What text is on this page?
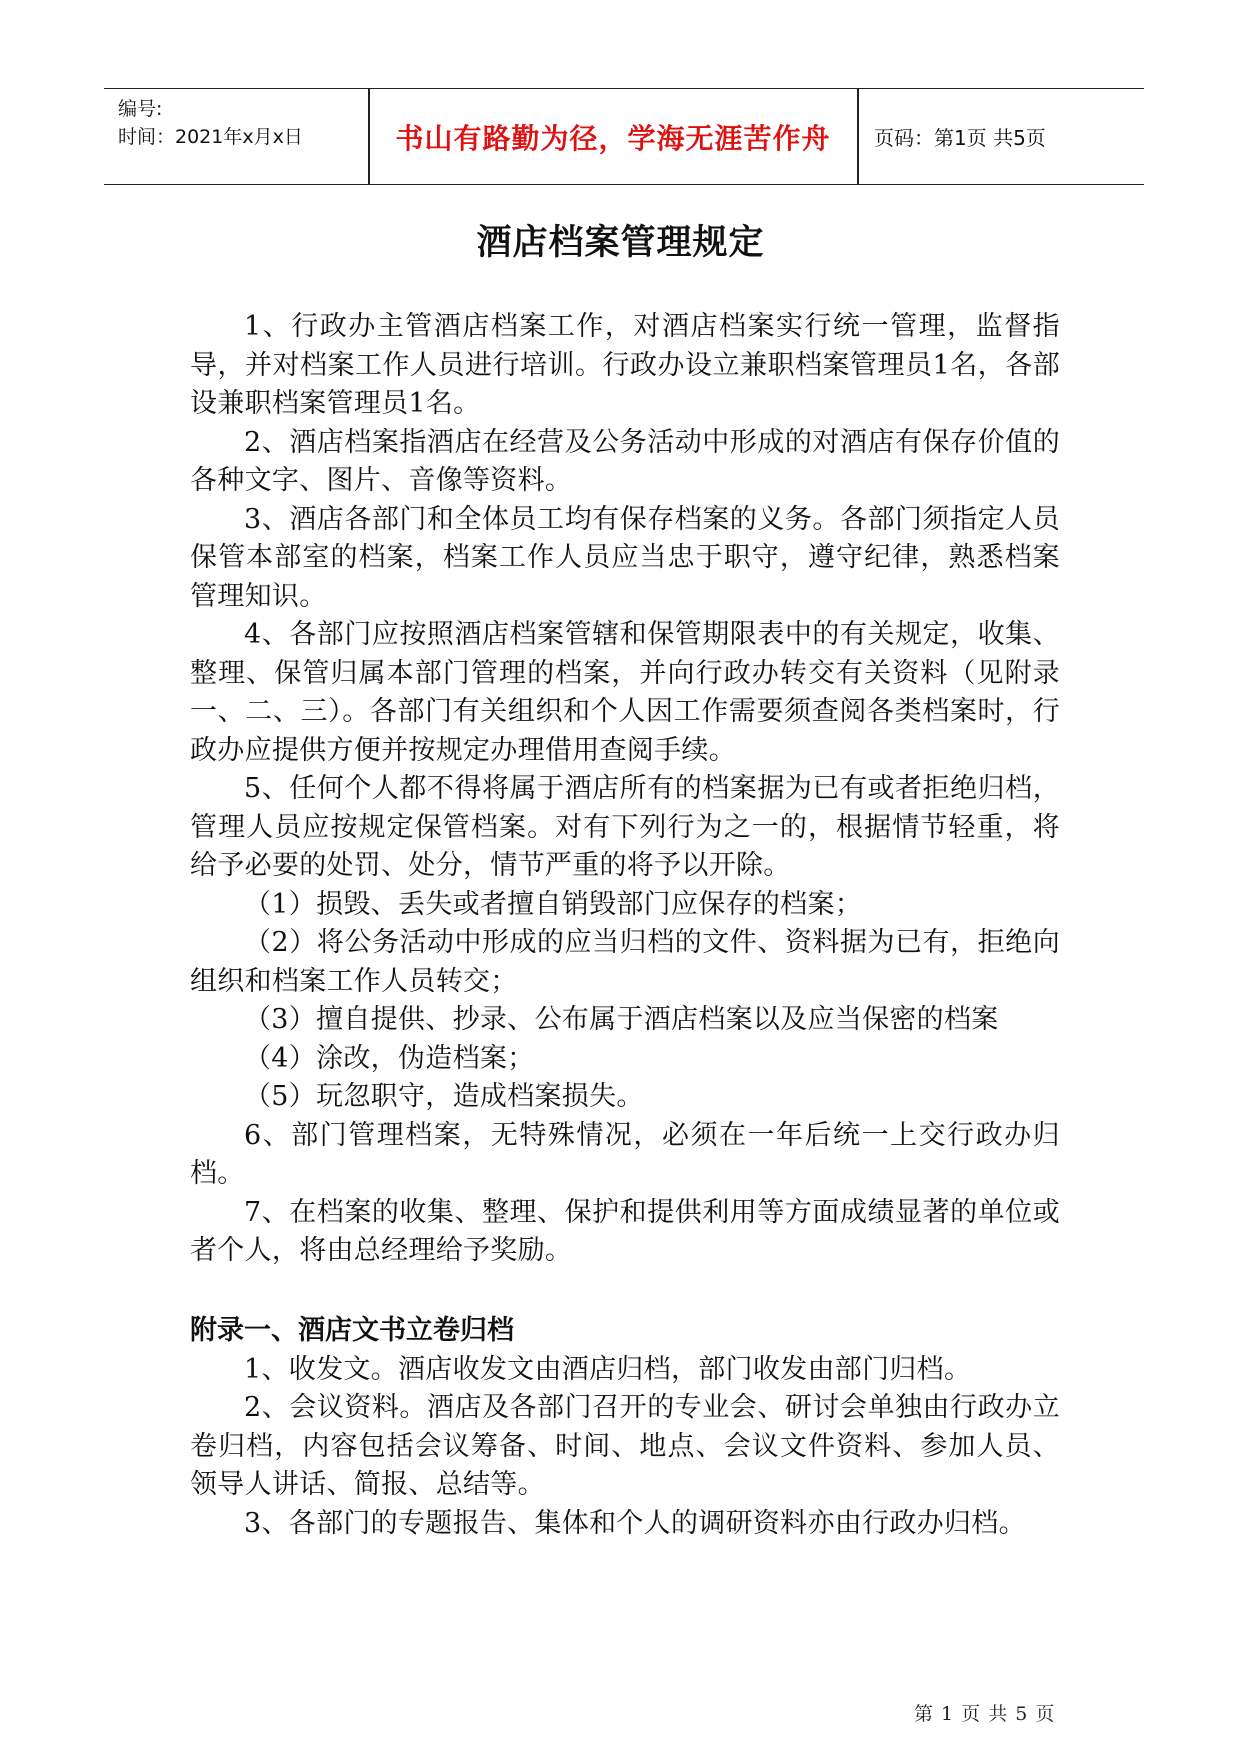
编号:
时间：2021年x月x日	书山有路勤为径，学海无涯苦作舟	页码：第1页 共5页
酒店档案管理规定

1、行政办主管酒店档案工作，对酒店档案实行统一管理，监督指导，并对档案工作人员进行培训。行政办设立兼职档案管理员1名，各部设兼职档案管理员1名。

2、酒店档案指酒店在经营及公务活动中形成的对酒店有保存价值的各种文字、图片、音像等资料。

3、酒店各部门和全体员工均有保存档案的义务。各部门须指定人员保管本部室的档案，档案工作人员应当忠于职守，遵守纪律，熟悉档案管理知识。

4、各部门应按照酒店档案管辖和保管期限表中的有关规定，收集、整理、保管归属本部门管理的档案，并向行政办转交有关资料（见附录一、二、三）。各部门有关组织和个人因工作需要须查阅各类档案时，行政办应提供方便并按规定办理借用查阅手续。

5、任何个人都不得将属于酒店所有的档案据为已有或者拒绝归档，管理人员应按规定保管档案。对有下列行为之一的，根据情节轻重，将给予必要的处罚、处分，情节严重的将予以开除。

（1）损毁、丢失或者擅自销毁部门应保存的档案；

（2）将公务活动中形成的应当归档的文件、资料据为已有，拒绝向组织和档案工作人员转交；

（3）擅自提供、抄录、公布属于酒店档案以及应当保密的档案

（4）涂改，伪造档案；

（5）玩忽职守，造成档案损失。

6、部门管理档案，无特殊情况，必须在一年后统一上交行政办归档。

7、在档案的收集、整理、保护和提供利用等方面成绩显著的单位或者个人，将由总经理给予奖励。

附录一、酒店文书立卷归档

1、收发文。酒店收发文由酒店归档，部门收发由部门归档。

2、会议资料。酒店及各部门召开的专业会、研讨会单独由行政办立卷归档，内容包括会议筹备、时间、地点、会议文件资料、参加人员、领导人讲话、简报、总结等。

3、各部门的专题报告、集体和个人的调研资料亦由行政办归档。

第 1 页 共 5 页
